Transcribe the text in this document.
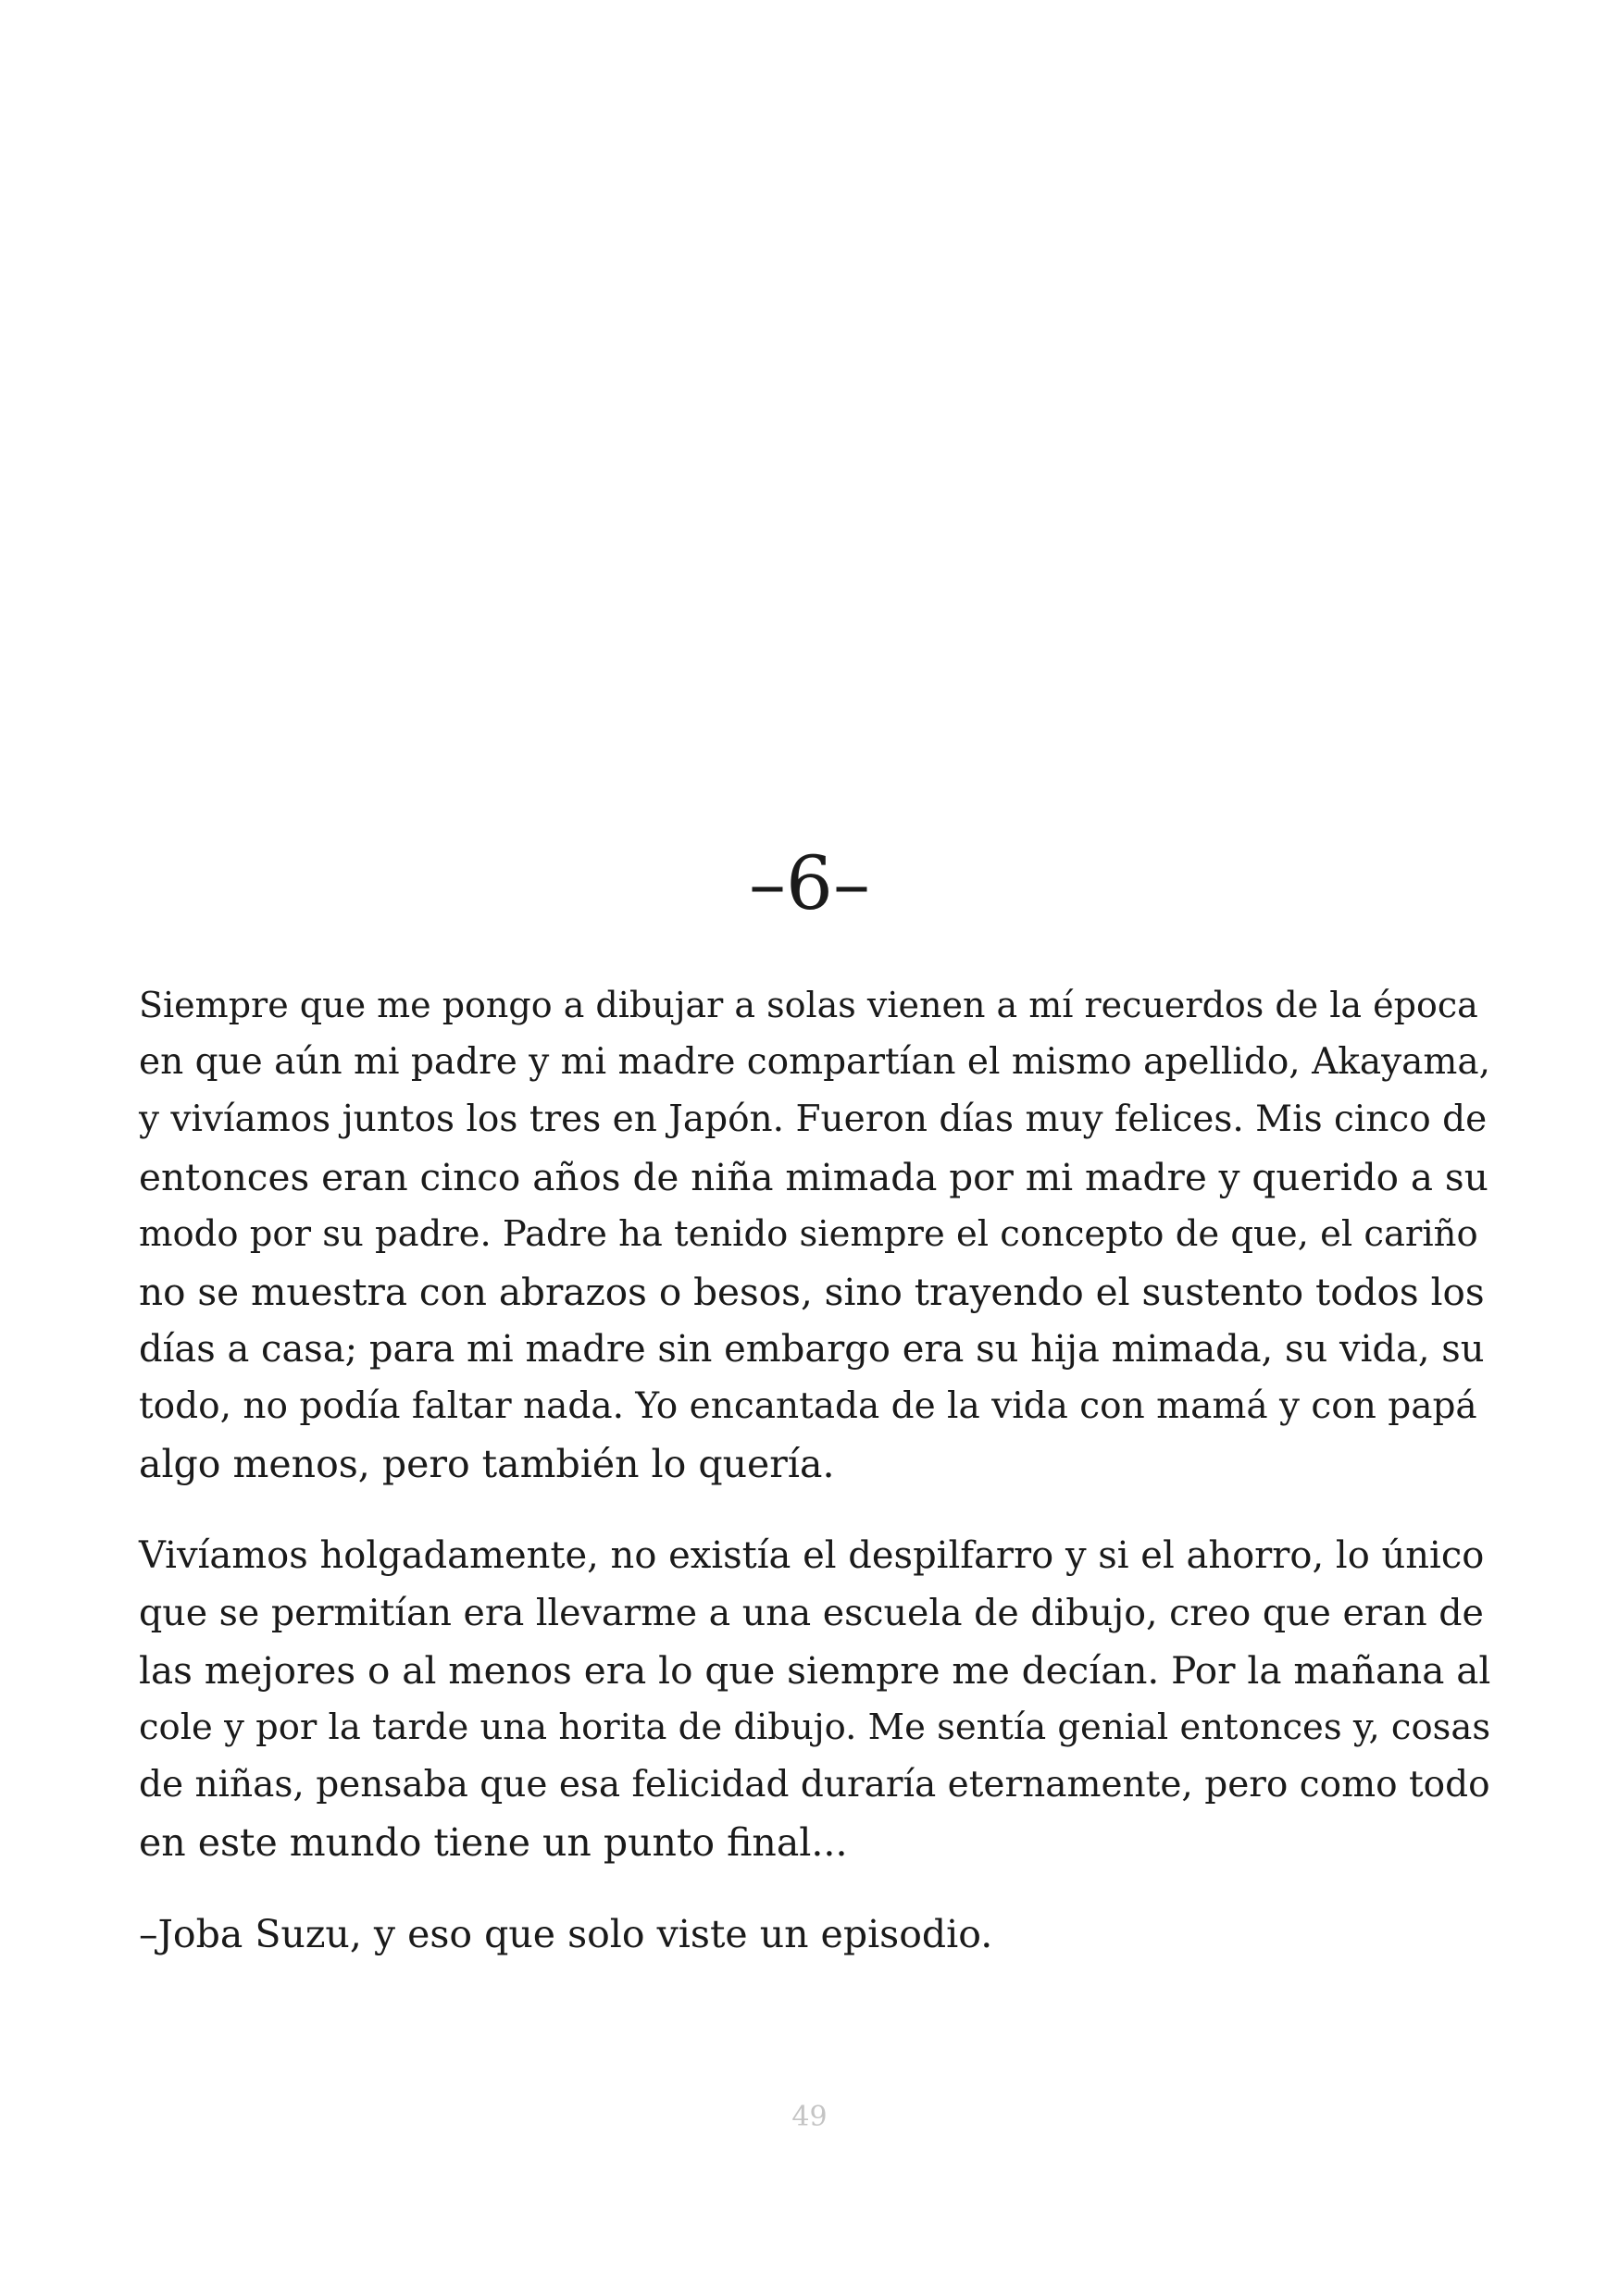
–6–

Siempre que me pongo a dibujar a solas vienen a mí recuerdos de la época
en que aún mi padre y mi madre compartían el mismo apellido, Akayama,
y vivíamos juntos los tres en Japón. Fueron días muy felices. Mis cinco de
entonces eran cinco años de niña mimada por mi madre y querido a su
modo por su padre. Padre ha tenido siempre el concepto de que, el cariño
no se muestra con abrazos o besos, sino trayendo el sustento todos los
días a casa; para mi madre sin embargo era su hija mimada, su vida, su
todo, no podía faltar nada. Yo encantada de la vida con mamá y con papá
algo menos, pero también lo quería.

Vivíamos holgadamente, no existía el despilfarro y si el ahorro, lo único
que se permitían era llevarme a una escuela de dibujo, creo que eran de
las mejores o al menos era lo que siempre me decían. Por la mañana al
cole y por la tarde una horita de dibujo. Me sentía genial entonces y, cosas
de niñas, pensaba que esa felicidad duraría eternamente, pero como todo
en este mundo tiene un punto final...

–Joba Suzu, y eso que solo viste un episodio.

49
